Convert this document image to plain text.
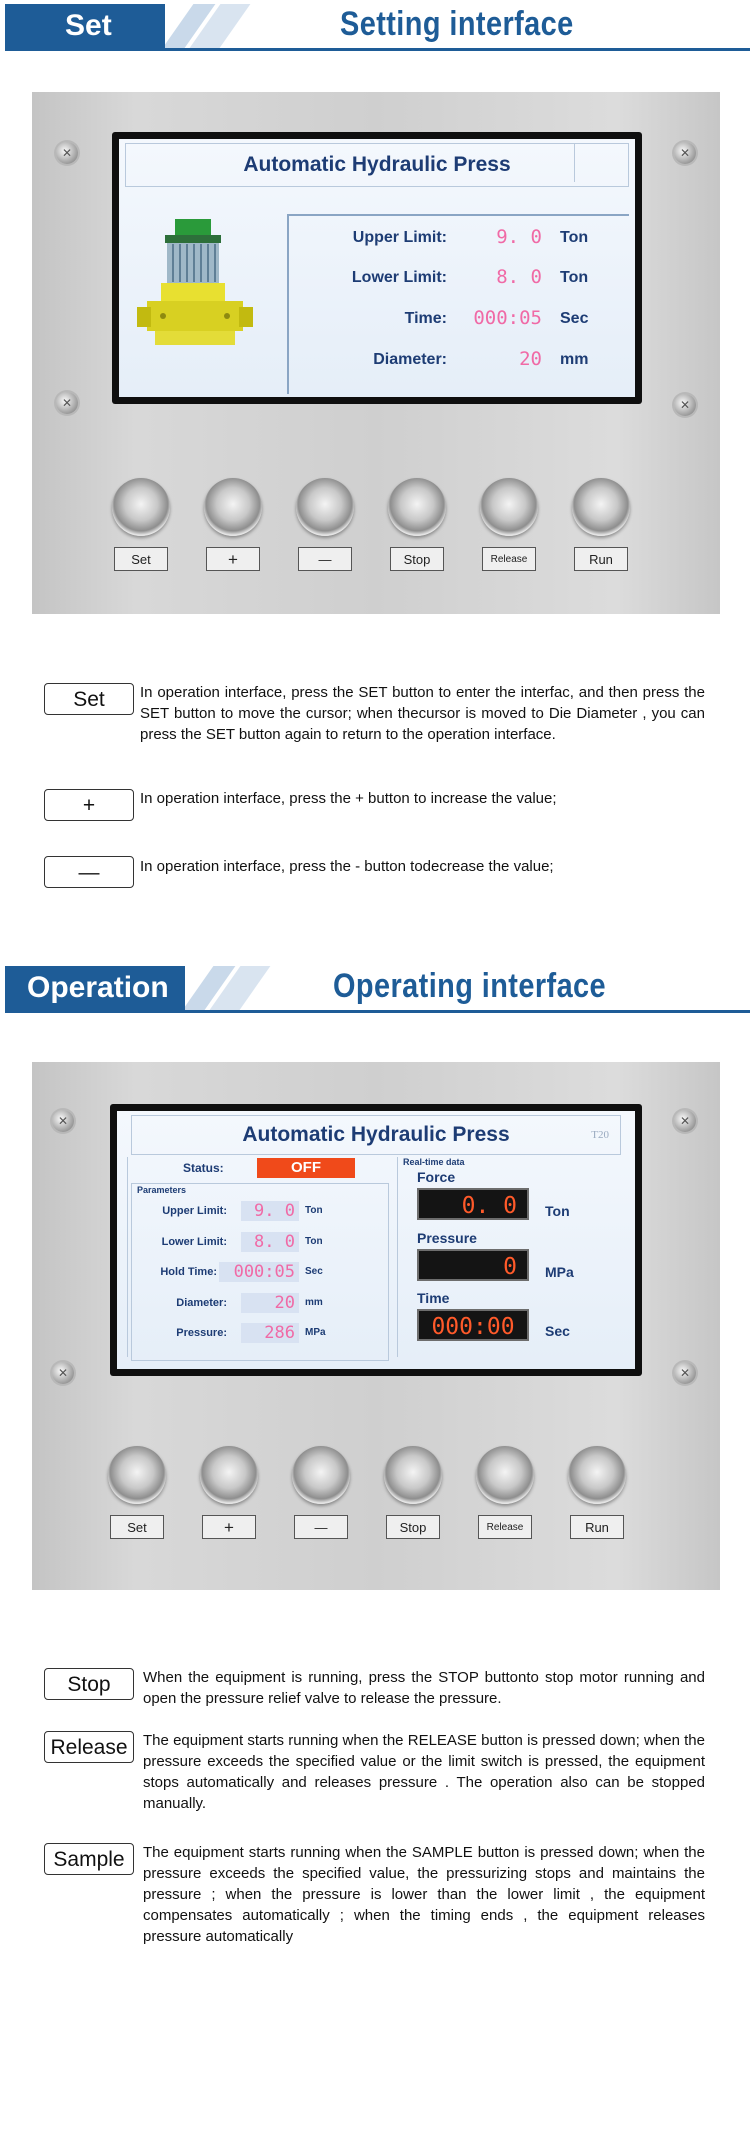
Set	Setting interface
✕
✕
✕
✕
Automatic Hydraulic Press
Upper Limit:	9. 0 Ton
Lower Limit:	8. 0 Ton
Time: 000:05 Sec
Diameter:	20 mm
Set	+	—	Stop	Release	Run
Set	In operation interface, press the SET button to enter the interfac, and then press the SET button to move the cursor; when thecursor is moved to Die Diameter , you can press the SET button again to return to the operation interface.
+	In operation interface, press the + button to increase the value;
—	In operation interface, press the - button todecrease the value;
Operation	Operating interface
✕
✕
✕
✕
Automatic Hydraulic Press	T20
Status:	OFF
Parameters
Upper Limit:	9. 0	Ton
Lower Limit:	8. 0	Ton
Hold Time: 000:05	Sec
Diameter:	20	mm
Pressure:	286	MPa
Real-time data
Force
0. 0	Ton
Pressure
0	MPa
Time
000:00	Sec
Set	+	—	Stop	Release	Run
Stop	When the equipment is running, press the STOP buttonto stop motor running and open the pressure relief valve to release the pressure.
Release	The equipment starts running when the RELEASE button is pressed down; when the pressure exceeds the specified value or the limit switch is pressed, the equipment stops automatically and releases pressure . The operation also can be stopped manually.
Sample	The equipment starts running when the SAMPLE button is pressed down; when the pressure exceeds the specified value, the pressurizing stops and maintains the pressure ; when the pressure is lower than the lower limit , the equipment compensates automatically ; when the timing ends , the equipment releases pressure automatically
